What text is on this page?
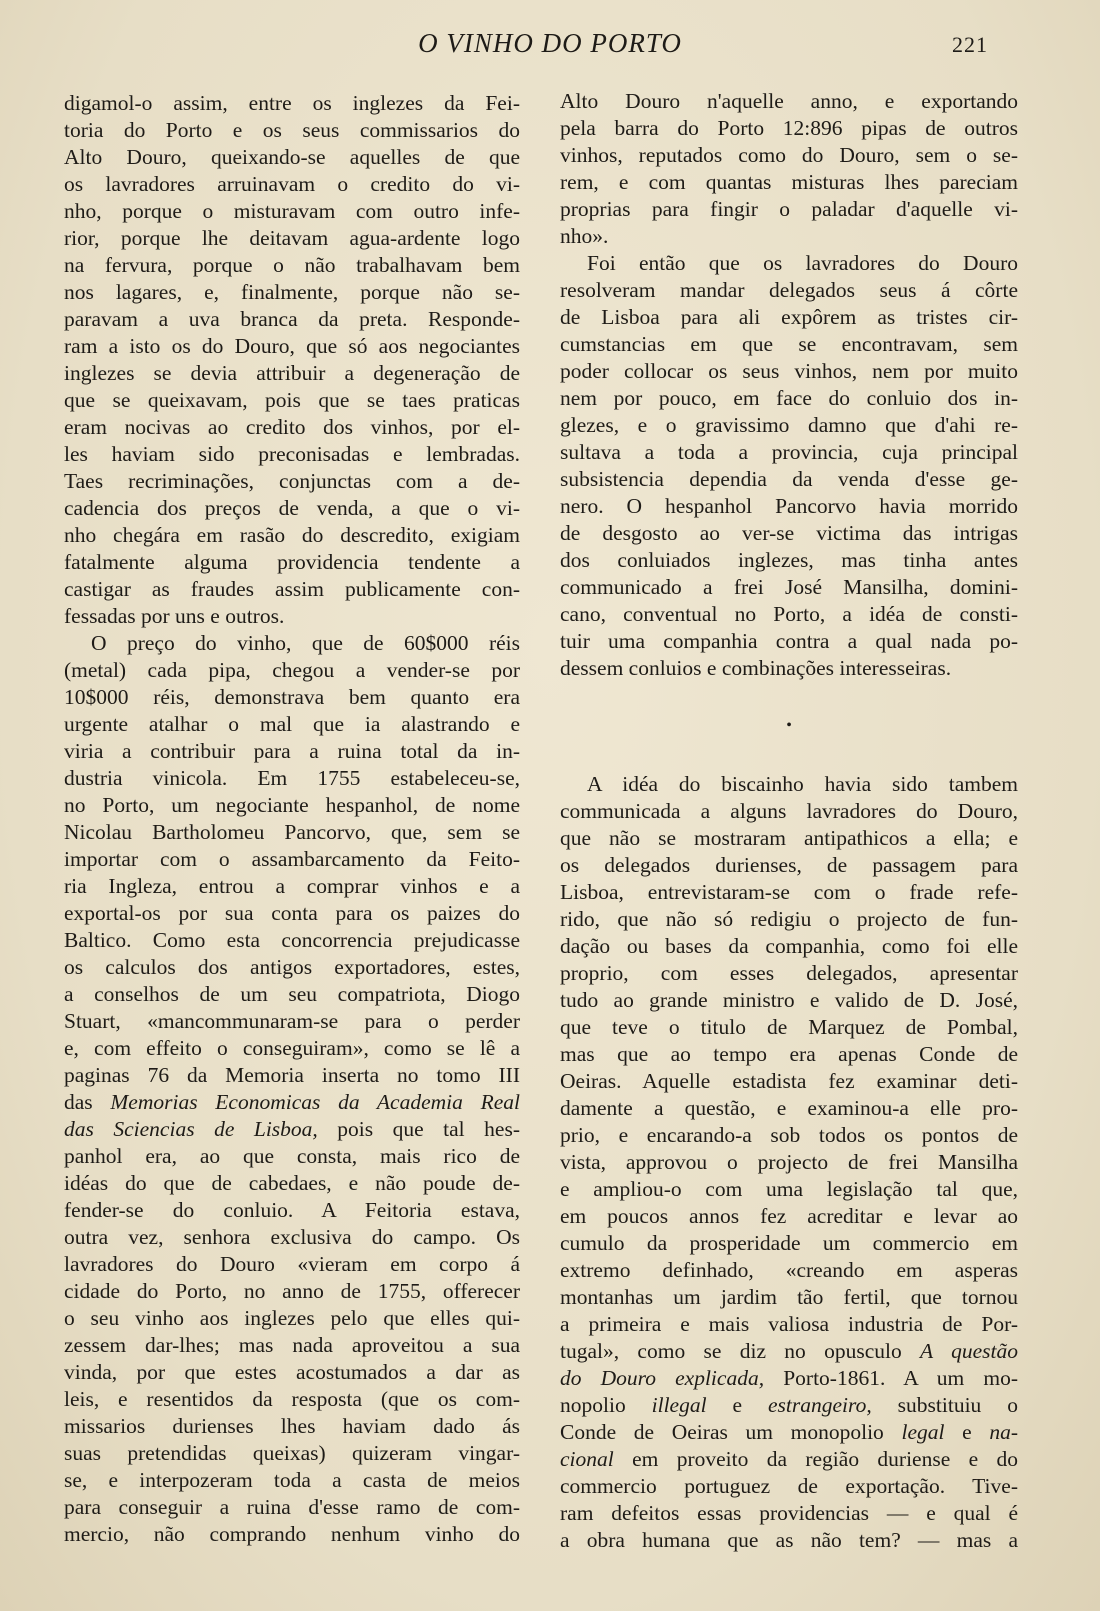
O VINHO DO PORTO	221
digamol-o assim, entre os inglezes da Fei-
toria do Porto e os seus commissarios do
Alto Douro, queixando-se aquelles de que
os lavradores arruinavam o credito do vi-
nho, porque o misturavam com outro infe-
rior, porque lhe deitavam agua-ardente logo
na fervura, porque o não trabalhavam bem
nos lagares, e, finalmente, porque não se-
paravam a uva branca da preta. Responde-
ram a isto os do Douro, que só aos negociantes
inglezes se devia attribuir a degeneração de
que se queixavam, pois que se taes praticas
eram nocivas ao credito dos vinhos, por el-
les haviam sido preconisadas e lembradas.
Taes recriminações, conjunctas com a de-
cadencia dos preços de venda, a que o vi-
nho chegára em rasão do descredito, exigiam
fatalmente alguma providencia tendente a
castigar as fraudes assim publicamente con-
fessadas por uns e outros.
O preço do vinho, que de 60$000 réis
(metal) cada pipa, chegou a vender-se por
10$000 réis, demonstrava bem quanto era
urgente atalhar o mal que ia alastrando e
viria a contribuir para a ruina total da in-
dustria vinicola. Em 1755 estabeleceu-se,
no Porto, um negociante hespanhol, de nome
Nicolau Bartholomeu Pancorvo, que, sem se
importar com o assambarcamento da Feito-
ria Ingleza, entrou a comprar vinhos e a
exportal-os por sua conta para os paizes do
Baltico. Como esta concorrencia prejudicasse
os calculos dos antigos exportadores, estes,
a conselhos de um seu compatriota, Diogo
Stuart, «mancommunaram-se para o perder
e, com effeito o conseguiram», como se lê a
paginas 76 da Memoria inserta no tomo III
das Memorias Economicas da Academia Real
das Sciencias de Lisboa, pois que tal hes-
panhol era, ao que consta, mais rico de
idéas do que de cabedaes, e não poude de-
fender-se do conluio. A Feitoria estava,
outra vez, senhora exclusiva do campo. Os
lavradores do Douro «vieram em corpo á
cidade do Porto, no anno de 1755, offerecer
o seu vinho aos inglezes pelo que elles qui-
zessem dar-lhes; mas nada aproveitou a sua
vinda, por que estes acostumados a dar as
leis, e resentidos da resposta (que os com-
missarios durienses lhes haviam dado ás
suas pretendidas queixas) quizeram vingar-
se, e interpozeram toda a casta de meios
para conseguir a ruina d'esse ramo de com-
mercio, não comprando nenhum vinho do
Alto Douro n'aquelle anno, e exportando
pela barra do Porto 12:896 pipas de outros
vinhos, reputados como do Douro, sem o se-
rem, e com quantas misturas lhes pareciam
proprias para fingir o paladar d'aquelle vi-
nho».
Foi então que os lavradores do Douro
resolveram mandar delegados seus á côrte
de Lisboa para ali expôrem as tristes cir-
cumstancias em que se encontravam, sem
poder collocar os seus vinhos, nem por muito
nem por pouco, em face do conluio dos in-
glezes, e o gravissimo damno que d'ahi re-
sultava a toda a provincia, cuja principal
subsistencia dependia da venda d'esse ge-
nero. O hespanhol Pancorvo havia morrido
de desgosto ao ver-se victima das intrigas
dos conluiados inglezes, mas tinha antes
communicado a frei José Mansilha, domini-
cano, conventual no Porto, a idéa de consti-
tuir uma companhia contra a qual nada po-
dessem conluios e combinações interesseiras.
•
A idéa do biscainho havia sido tambem
communicada a alguns lavradores do Douro,
que não se mostraram antipathicos a ella; e
os delegados durienses, de passagem para
Lisboa, entrevistaram-se com o frade refe-
rido, que não só redigiu o projecto de fun-
dação ou bases da companhia, como foi elle
proprio, com esses delegados, apresentar
tudo ao grande ministro e valido de D. José,
que teve o titulo de Marquez de Pombal,
mas que ao tempo era apenas Conde de
Oeiras. Aquelle estadista fez examinar deti-
damente a questão, e examinou-a elle pro-
prio, e encarando-a sob todos os pontos de
vista, approvou o projecto de frei Mansilha
e ampliou-o com uma legislação tal que,
em poucos annos fez acreditar e levar ao
cumulo da prosperidade um commercio em
extremo definhado, «creando em asperas
montanhas um jardim tão fertil, que tornou
a primeira e mais valiosa industria de Por-
tugal», como se diz no opusculo A questão
do Douro explicada, Porto-1861. A um mo-
nopolio illegal e estrangeiro, substituiu o
Conde de Oeiras um monopolio legal e na-
cional em proveito da região duriense e do
commercio portuguez de exportação. Tive-
ram defeitos essas providencias — e qual é
a obra humana que as não tem? — mas a
